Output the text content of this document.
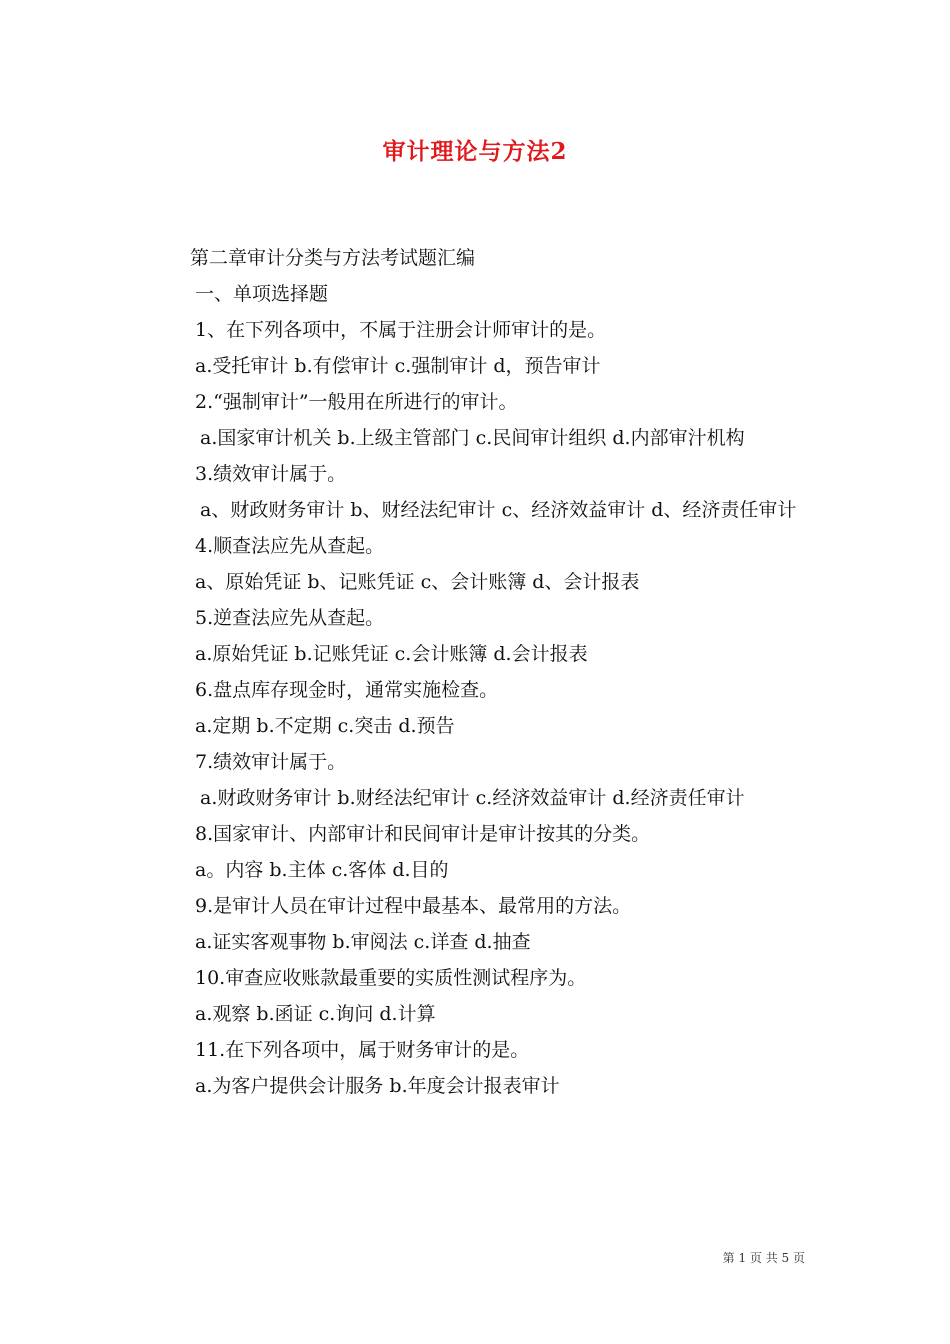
审计理论与方法2

第二章审计分类与方法考试题汇编

一、单项选择题

1、在下列各项中，不属于注册会计师审计的是。

a.受托审计 b.有偿审计 c.强制审计 d，预告审计

2.“强制审计”一般用在所进行的审计。

a.国家审计机关 b.上级主管部门 c.民间审计组织 d.内部审汁机构

3.绩效审计属于。

a、财政财务审计 b、财经法纪审计 c、经济效益审计 d、经济责任审计

4.顺查法应先从查起。

a、原始凭证 b、记账凭证 c、会计账簿 d、会计报表

5.逆查法应先从查起。

a.原始凭证 b.记账凭证 c.会计账簿 d.会计报表

6.盘点库存现金时，通常实施检查。

a.定期 b.不定期 c.突击 d.预告

7.绩效审计属于。

a.财政财务审计 b.财经法纪审计 c.经济效益审计 d.经济责任审计

8.国家审计、内部审计和民间审计是审计按其的分类。

a。内容 b.主体 c.客体 d.目的

9.是审计人员在审计过程中最基本、最常用的方法。

a.证实客观事物 b.审阅法 c.详查 d.抽查

10.审查应收账款最重要的实质性测试程序为。

a.观察 b.函证 c.询问 d.计算

11.在下列各项中，属于财务审计的是。

a.为客户提供会计服务 b.年度会计报表审计

第 1 页 共 5 页
